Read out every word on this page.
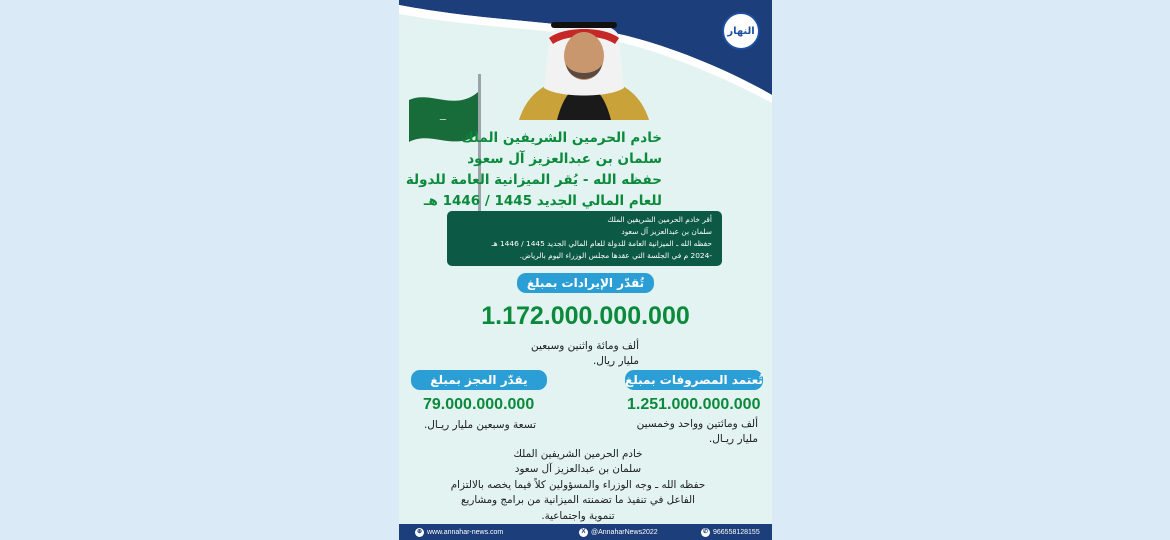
النهار
ـــ
خادم الحرمين الشريفين الملك
سلمان بن عبدالعزيز آل سعود
حفظه الله - يُقر الميزانية العامة للدولة
للعام المالي الجديد 1445 / 1446 هـ
أقر خادم الحرمين الشريفين الملك
سلمان بن عبدالعزيز آل سعود
حفظه الله ـ الميزانية العامة للدولة للعام المالي الجديد 1445 / 1446 هـ
-2024 م في الجلسة التي عقدها مجلس الوزراء اليوم بالرياض.
تُقدّر الإيرادات بمبلغ
1.172.000.000.000
ألف ومائة واثنين وسبعين
مليار ريال.
تُعتمد المصروفات بمبلغ
1.251.000.000.000
ألف ومائتين وواحد وخمسين
مليار ريـال.
يقدّر العجز بمبلغ
79.000.000.000
تسعة وسبعين مليار ريـال.
خادم الحرمين الشريفين الملك
سلمان بن عبدالعزيز آل سعود
حفظه الله ـ وجه الوزراء والمسؤولين كلاً فيما يخصه بالالتزام
الفاعل في تنفيذ ما تضمنته الميزانية من برامج ومشاريع
تنموية واجتماعية.
⊕ www.annahar-news.com	X @AnnaharNews2022	✆ 966558128155
